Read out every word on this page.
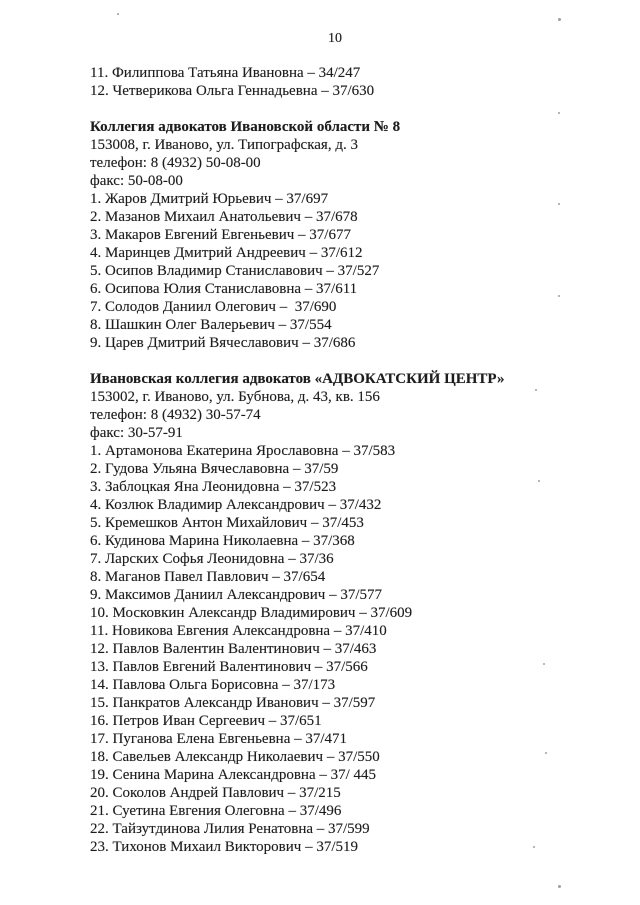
10
11. Филиппова Татьяна Ивановна – 34/247
12. Четверикова Ольга Геннадьевна – 37/630
Коллегия адвокатов Ивановской области № 8
153008, г. Иваново, ул. Типографская, д. 3
телефон: 8 (4932) 50-08-00
факс: 50-08-00
1. Жаров Дмитрий Юрьевич – 37/697
2. Мазанов Михаил Анатольевич – 37/678
3. Макаров Евгений Евгеньевич – 37/677
4. Маринцев Дмитрий Андреевич – 37/612
5. Осипов Владимир Станиславович – 37/527
6. Осипова Юлия Станиславовна – 37/611
7. Солодов Даниил Олегович –  37/690
8. Шашкин Олег Валерьевич – 37/554
9. Царев Дмитрий Вячеславович – 37/686
Ивановская коллегия адвокатов «АДВОКАТСКИЙ ЦЕНТР»
153002, г. Иваново, ул. Бубнова, д. 43, кв. 156
телефон: 8 (4932) 30-57-74
факс: 30-57-91
1. Артамонова Екатерина Ярославовна – 37/583
2. Гудова Ульяна Вячеславовна – 37/59
3. Заблоцкая Яна Леонидовна – 37/523
4. Козлюк Владимир Александрович – 37/432
5. Кремешков Антон Михайлович – 37/453
6. Кудинова Марина Николаевна – 37/368
7. Ларских Софья Леонидовна – 37/36
8. Маганов Павел Павлович – 37/654
9. Максимов Даниил Александрович – 37/577
10. Московкин Александр Владимирович – 37/609
11. Новикова Евгения Александровна – 37/410
12. Павлов Валентин Валентинович – 37/463
13. Павлов Евгений Валентинович – 37/566
14. Павлова Ольга Борисовна – 37/173
15. Панкратов Александр Иванович – 37/597
16. Петров Иван Сергеевич – 37/651
17. Пуганова Елена Евгеньевна – 37/471
18. Савельев Александр Николаевич – 37/550
19. Сенина Марина Александровна – 37/ 445
20. Соколов Андрей Павлович – 37/215
21. Суетина Евгения Олеговна – 37/496
22. Тайзутдинова Лилия Ренатовна – 37/599
23. Тихонов Михаил Викторович – 37/519
